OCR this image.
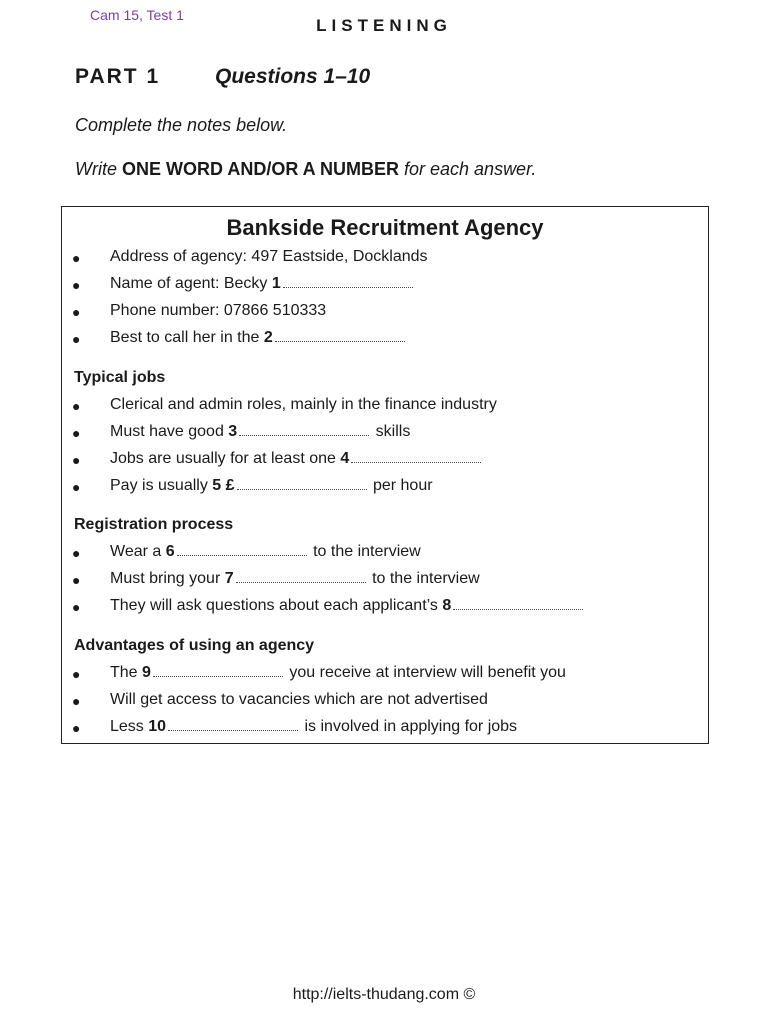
Cam 15, Test 1
LISTENING
PART 1	Questions 1–10
Complete the notes below.
Write ONE WORD AND/OR A NUMBER for each answer.
Bankside Recruitment Agency
● Address of agency: 497 Eastside, Docklands
● Name of agent: Becky 1
● Phone number: 07866 510333
● Best to call her in the 2
Typical jobs
● Clerical and admin roles, mainly in the finance industry
● Must have good 3	skills
● Jobs are usually for at least one 4
● Pay is usually 5 £	per hour
Registration process
● Wear a 6	to the interview
● Must bring your 7	to the interview
● They will ask questions about each applicant’s 8
Advantages of using an agency
● The 9	you receive at interview will benefit you
● Will get access to vacancies which are not advertised
● Less 10	is involved in applying for jobs
http://ielts-thudang.com ©
